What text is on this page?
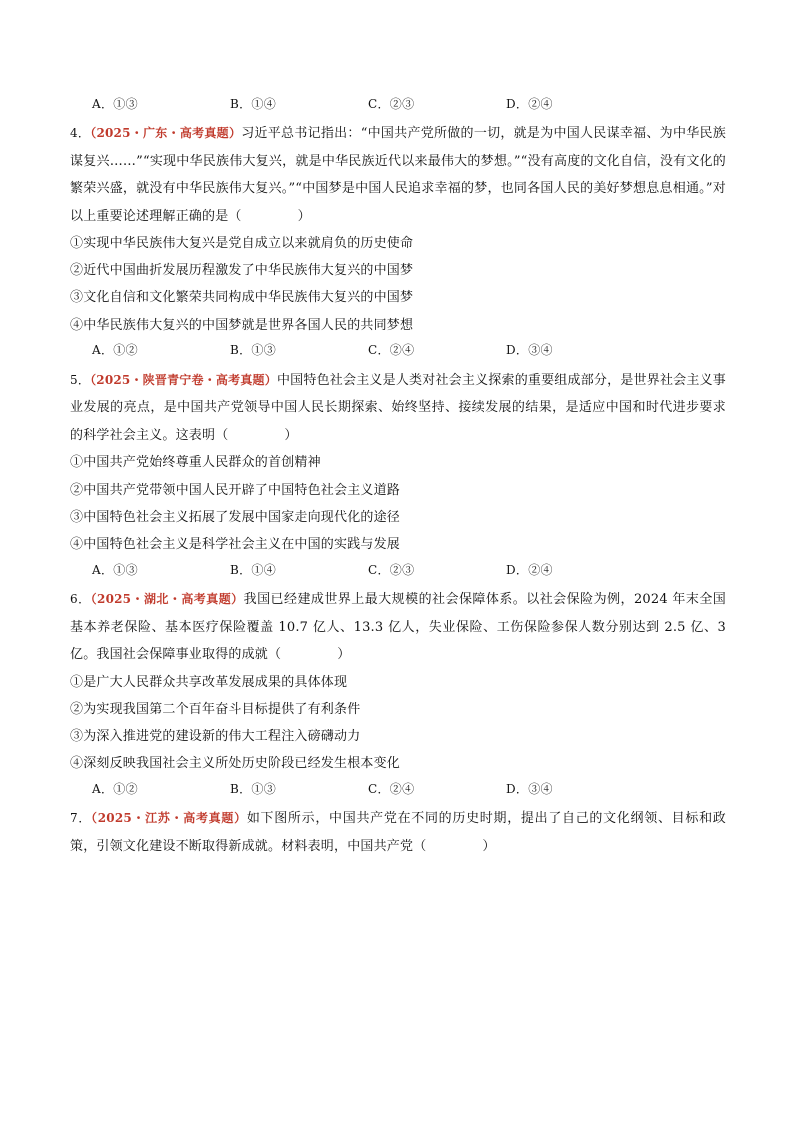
A．①③	B．①④	C．②③	D．②④
4．（2025・广东・高考真题）习近平总书记指出：“中国共产党所做的一切，就是为中国人民谋幸福、为中华民族谋复兴……”“实现中华民族伟大复兴，就是中华民族近代以来最伟大的梦想。”“没有高度的文化自信，没有文化的繁荣兴盛，就没有中华民族伟大复兴。”“中国梦是中国人民追求幸福的梦，也同各国人民的美好梦想息息相通。”对以上重要论述理解正确的是（	）
①实现中华民族伟大复兴是党自成立以来就肩负的历史使命
②近代中国曲折发展历程激发了中华民族伟大复兴的中国梦
③文化自信和文化繁荣共同构成中华民族伟大复兴的中国梦
④中华民族伟大复兴的中国梦就是世界各国人民的共同梦想
A．①②	B．①③	C．②④	D．③④
5．（2025・陕晋青宁卷・高考真题）中国特色社会主义是人类对社会主义探索的重要组成部分，是世界社会主义事业发展的亮点，是中国共产党领导中国人民长期探索、始终坚持、接续发展的结果，是适应中国和时代进步要求的科学社会主义。这表明（	）
①中国共产党始终尊重人民群众的首创精神
②中国共产党带领中国人民开辟了中国特色社会主义道路
③中国特色社会主义拓展了发展中国家走向现代化的途径
④中国特色社会主义是科学社会主义在中国的实践与发展
A．①③	B．①④	C．②③	D．②④
6．（2025・湖北・高考真题）我国已经建成世界上最大规模的社会保障体系。以社会保险为例，2024 年末全国基本养老保险、基本医疗保险覆盖 10.7 亿人、13.3 亿人，失业保险、工伤保险参保人数分别达到 2.5 亿、3 亿。我国社会保障事业取得的成就（	）
①是广大人民群众共享改革发展成果的具体体现
②为实现我国第二个百年奋斗目标提供了有利条件
③为深入推进党的建设新的伟大工程注入磅礴动力
④深刻反映我国社会主义所处历史阶段已经发生根本变化
A．①②	B．①③	C．②④	D．③④
7．（2025・江苏・高考真题）如下图所示，中国共产党在不同的历史时期，提出了自己的文化纲领、目标和政策，引领文化建设不断取得新成就。材料表明，中国共产党（	）
